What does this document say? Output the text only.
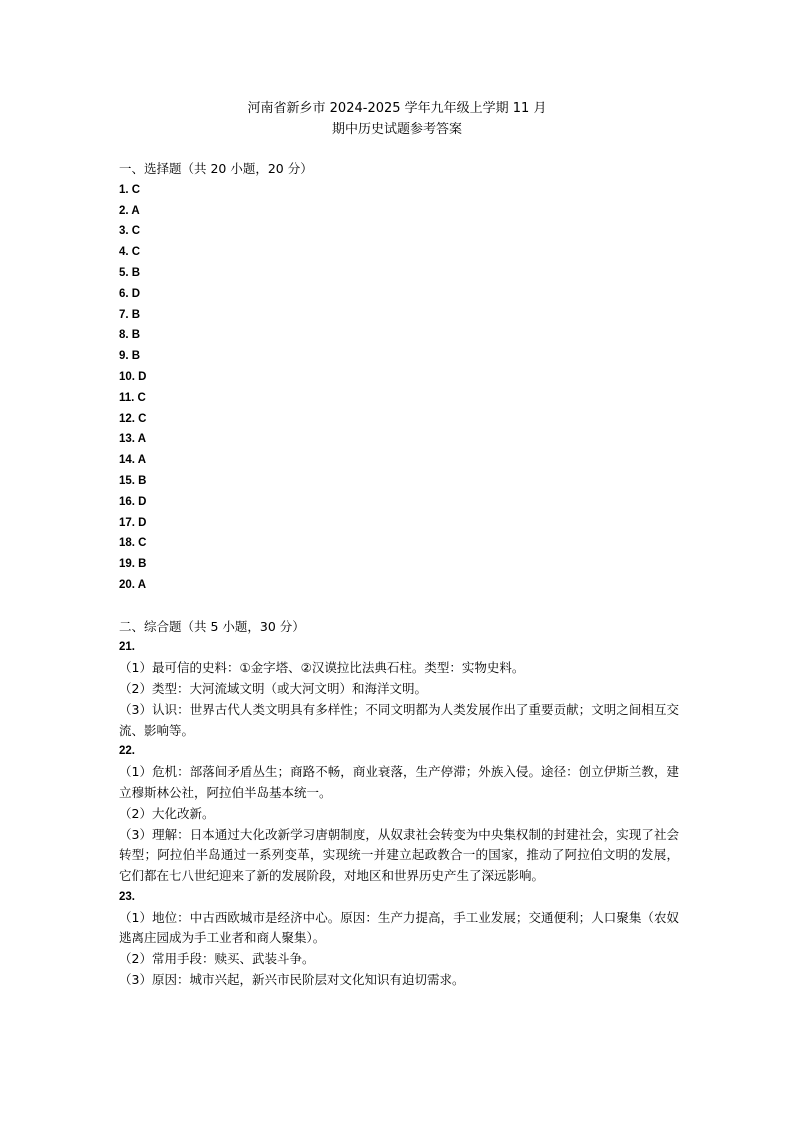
河南省新乡市 2024-2025 学年九年级上学期 11 月
期中历史试题参考答案
一、选择题（共 20 小题，20 分）
1. C
2. A
3. C
4. C
5. B
6. D
7. B
8. B
9. B
10. D
11. C
12. C
13. A
14. A
15. B
16. D
17. D
18. C
19. B
20. A
二、综合题（共 5 小题，30 分）
21.
（1）最可信的史料：①金字塔、②汉谟拉比法典石柱。类型：实物史料。
（2）类型：大河流域文明（或大河文明）和海洋文明。
（3）认识：世界古代人类文明具有多样性；不同文明都为人类发展作出了重要贡献；文明之间相互交流、影响等。
22.
（1）危机：部落间矛盾丛生；商路不畅，商业衰落，生产停滞；外族入侵。途径：创立伊斯兰教，建立穆斯林公社，阿拉伯半岛基本统一。
（2）大化改新。
（3）理解：日本通过大化改新学习唐朝制度，从奴隶社会转变为中央集权制的封建社会，实现了社会转型；阿拉伯半岛通过一系列变革，实现统一并建立起政教合一的国家，推动了阿拉伯文明的发展，它们都在七八世纪迎来了新的发展阶段，对地区和世界历史产生了深远影响。
23.
（1）地位：中古西欧城市是经济中心。原因：生产力提高，手工业发展；交通便利；人口聚集（农奴逃离庄园成为手工业者和商人聚集）。
（2）常用手段：赎买、武装斗争。
（3）原因：城市兴起，新兴市民阶层对文化知识有迫切需求。
